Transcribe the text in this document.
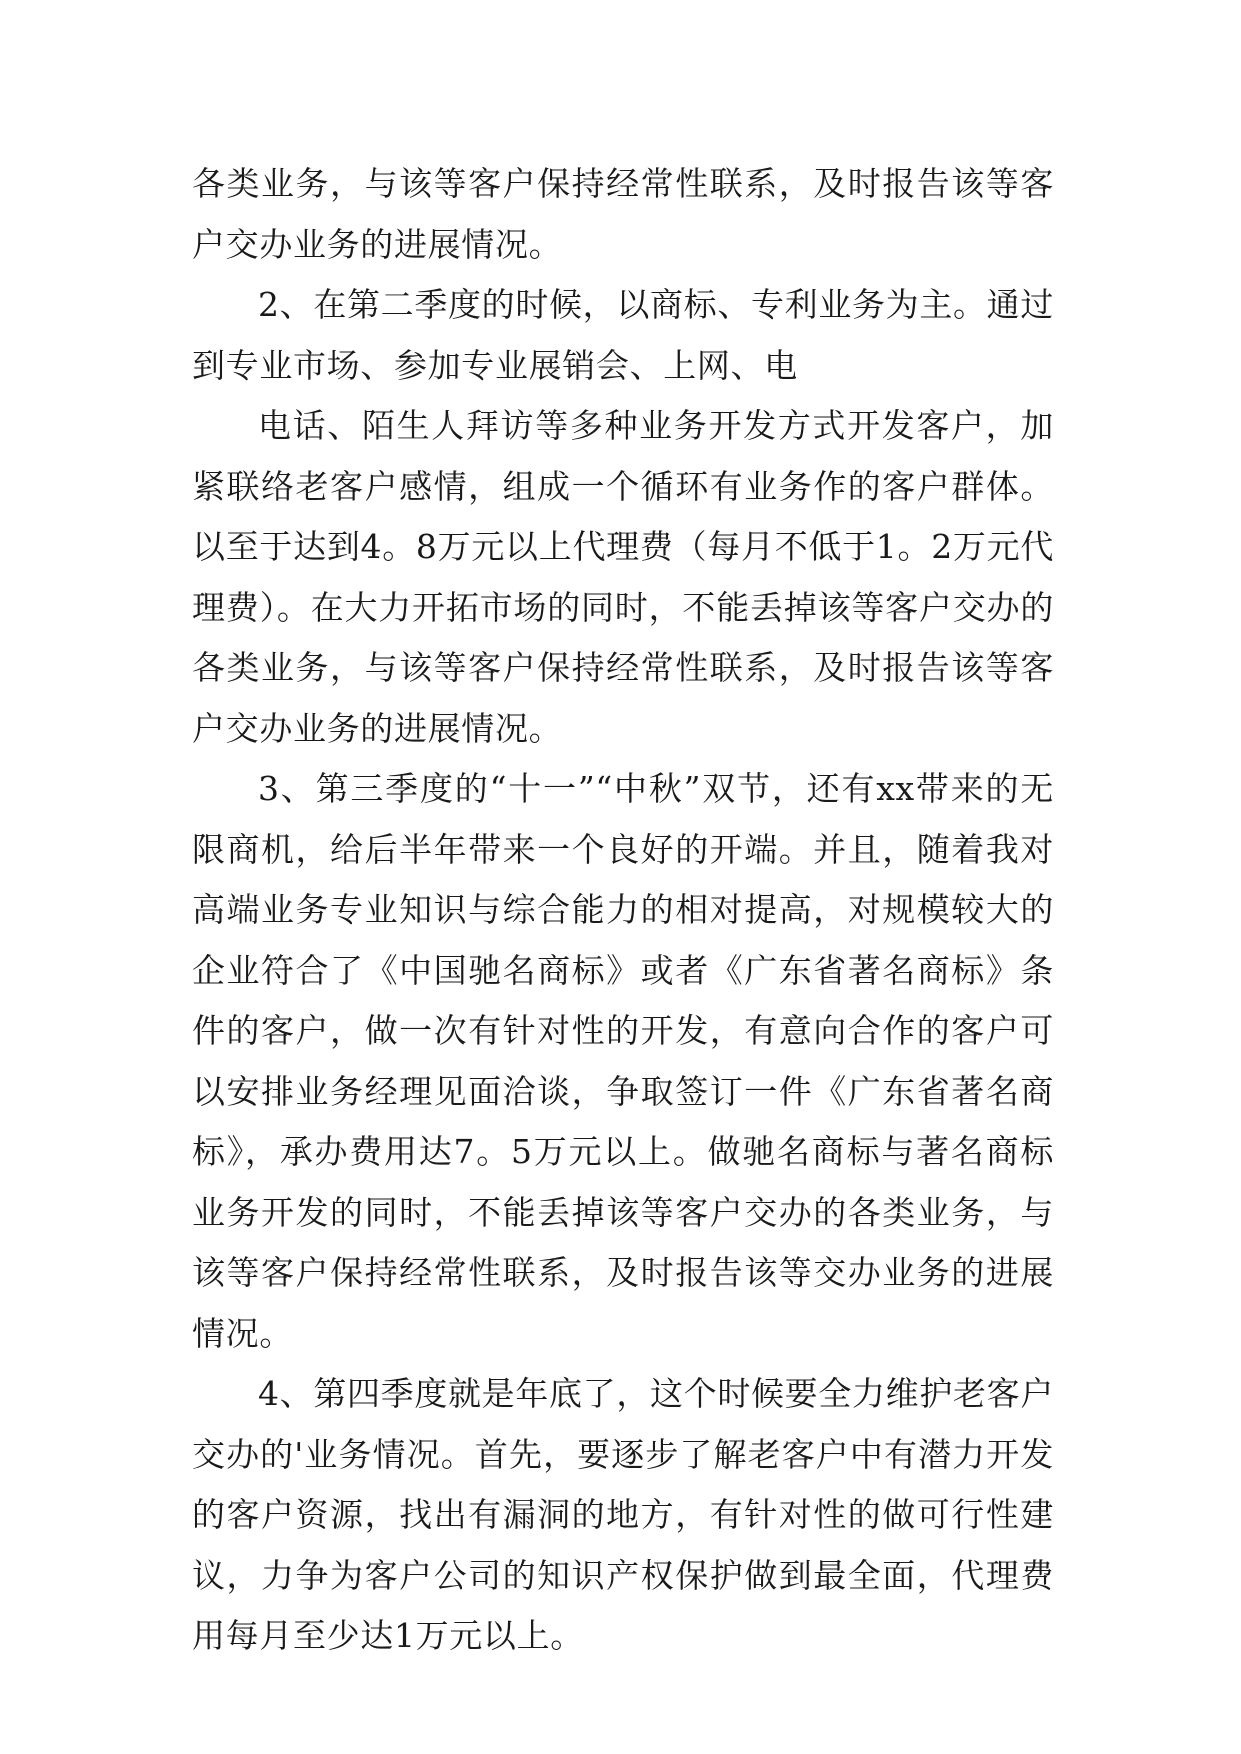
各类业务，与该等客户保持经常性联系，及时报告该等客户交办业务的进展情况。

2、在第二季度的时候，以商标、专利业务为主。通过到专业市场、参加专业展销会、上网、电

电话、陌生人拜访等多种业务开发方式开发客户，加紧联络老客户感情，组成一个循环有业务作的客户群体。以至于达到4。8万元以上代理费（每月不低于1。2万元代理费）。在大力开拓市场的同时，不能丢掉该等客户交办的各类业务，与该等客户保持经常性联系，及时报告该等客户交办业务的进展情况。

3、第三季度的“十一”“中秋”双节，还有xx带来的无限商机，给后半年带来一个良好的开端。并且，随着我对高端业务专业知识与综合能力的相对提高，对规模较大的企业符合了《中国驰名商标》或者《广东省著名商标》条件的客户，做一次有针对性的开发，有意向合作的客户可以安排业务经理见面洽谈，争取签订一件《广东省著名商标》，承办费用达7。5万元以上。做驰名商标与著名商标业务开发的同时，不能丢掉该等客户交办的各类业务，与该等客户保持经常性联系，及时报告该等交办业务的进展情况。

4、第四季度就是年底了，这个时候要全力维护老客户交办的'业务情况。首先，要逐步了解老客户中有潜力开发的客户资源，找出有漏洞的地方，有针对性的做可行性建议，力争为客户公司的知识产权保护做到最全面，代理费用每月至少达1万元以上。
